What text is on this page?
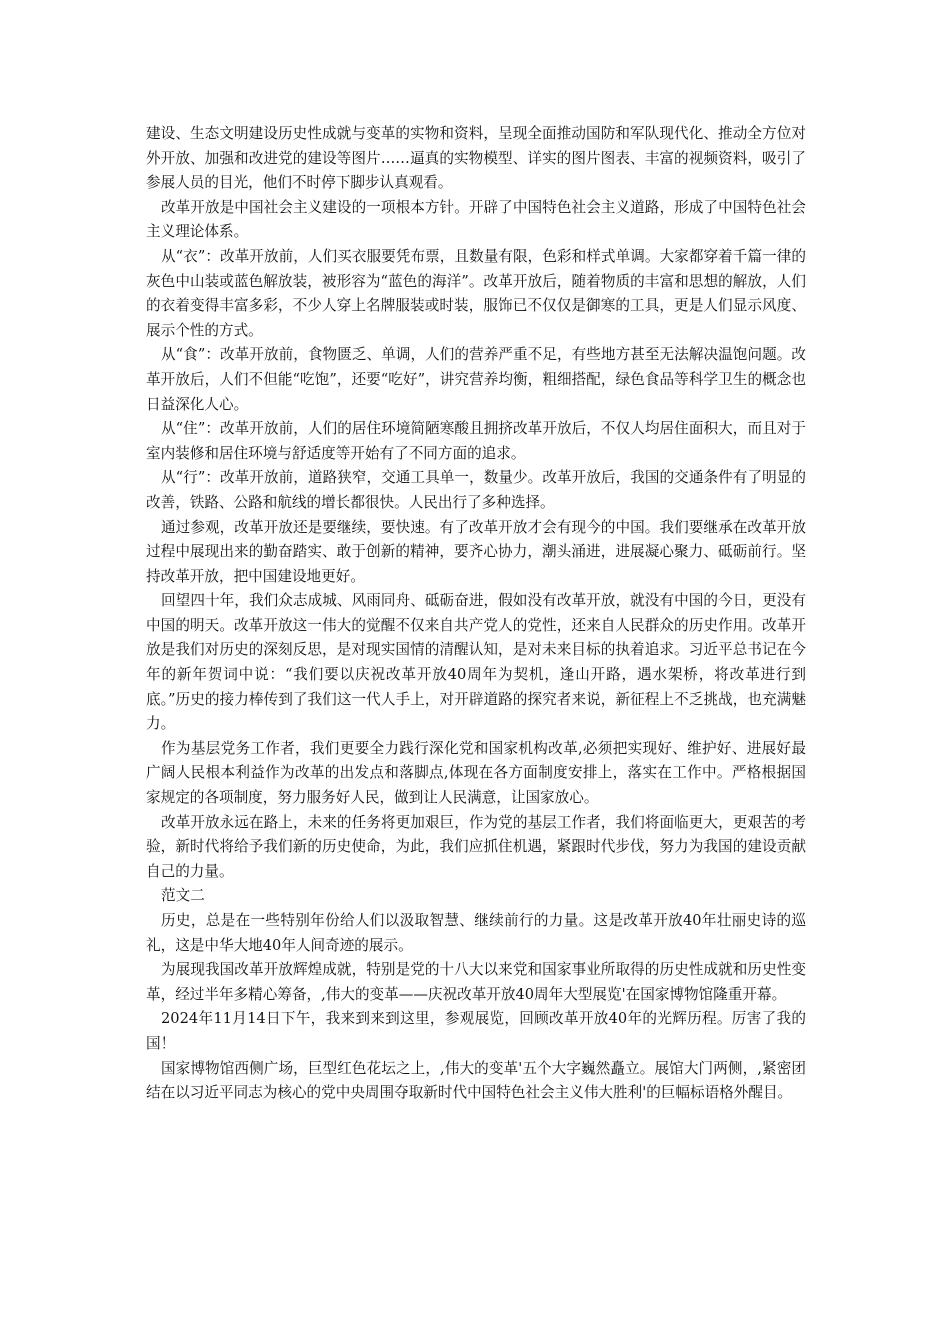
建设、生态文明建设历史性成就与变革的实物和资料，呈现全面推动国防和军队现代化、推动全方位对外开放、加强和改进党的建设等图片……逼真的实物模型、详实的图片图表、丰富的视频资料，吸引了参展人员的目光，他们不时停下脚步认真观看。

改革开放是中国社会主义建设的一项根本方针。开辟了中国特色社会主义道路，形成了中国特色社会主义理论体系。

从“衣”：改革开放前，人们买衣服要凭布票，且数量有限，色彩和样式单调。大家都穿着千篇一律的灰色中山装或蓝色解放装，被形容为“蓝色的海洋”。改革开放后，随着物质的丰富和思想的解放，人们的衣着变得丰富多彩，不少人穿上名牌服装或时装，服饰已不仅仅是御寒的工具，更是人们显示风度、展示个性的方式。

从“食”：改革开放前，食物匮乏、单调，人们的营养严重不足，有些地方甚至无法解决温饱问题。改革开放后，人们不但能“吃饱”，还要“吃好”，讲究营养均衡，粗细搭配，绿色食品等科学卫生的概念也日益深化人心。

从“住”：改革开放前，人们的居住环境简陋寒酸且拥挤改革开放后，不仅人均居住面积大，而且对于室内装修和居住环境与舒适度等开始有了不同方面的追求。

从“行”：改革开放前，道路狭窄，交通工具单一，数量少。改革开放后，我国的交通条件有了明显的改善，铁路、公路和航线的增长都很快。人民出行了多种选择。

通过参观，改革开放还是要继续，要快速。有了改革开放才会有现今的中国。我们要继承在改革开放过程中展现出来的勤奋踏实、敢于创新的精神，要齐心协力，潮头涌进，进展凝心聚力、砥砺前行。坚持改革开放，把中国建设地更好。

回望四十年，我们众志成城、风雨同舟、砥砺奋进，假如没有改革开放，就没有中国的今日，更没有中国的明天。改革开放这一伟大的觉醒不仅来自共产党人的党性，还来自人民群众的历史作用。改革开放是我们对历史的深刻反思，是对现实国情的清醒认知，是对未来目标的执着追求。习近平总书记在今年的新年贺词中说：“我们要以庆祝改革开放40周年为契机，逢山开路，遇水架桥，将改革进行到底。”历史的接力棒传到了我们这一代人手上，对开辟道路的探究者来说，新征程上不乏挑战，也充满魅力。

作为基层党务工作者，我们更要全力践行深化党和国家机构改革,必须把实现好、维护好、进展好最广阔人民根本利益作为改革的出发点和落脚点,体现在各方面制度安排上，落实在工作中。严格根据国家规定的各项制度，努力服务好人民，做到让人民满意，让国家放心。

改革开放永远在路上，未来的任务将更加艰巨，作为党的基层工作者，我们将面临更大，更艰苦的考验，新时代将给予我们新的历史使命，为此，我们应抓住机遇，紧跟时代步伐，努力为我国的建设贡献自己的力量。

范文二

历史，总是在一些特别年份给人们以汲取智慧、继续前行的力量。这是改革开放40年壮丽史诗的巡礼，这是中华大地40年人间奇迹的展示。

为展现我国改革开放辉煌成就，特别是党的十八大以来党和国家事业所取得的历史性成就和历史性变革，经过半年多精心筹备，,伟大的变革——庆祝改革开放40周年大型展览'在国家博物馆隆重开幕。

2024年11月14日下午，我来到来到这里，参观展览，回顾改革开放40年的光辉历程。厉害了我的国！

国家博物馆西侧广场，巨型红色花坛之上，,伟大的变革'五个大字巍然矗立。展馆大门两侧，,紧密团结在以习近平同志为核心的党中央周围夺取新时代中国特色社会主义伟大胜利'的巨幅标语格外醒目。
